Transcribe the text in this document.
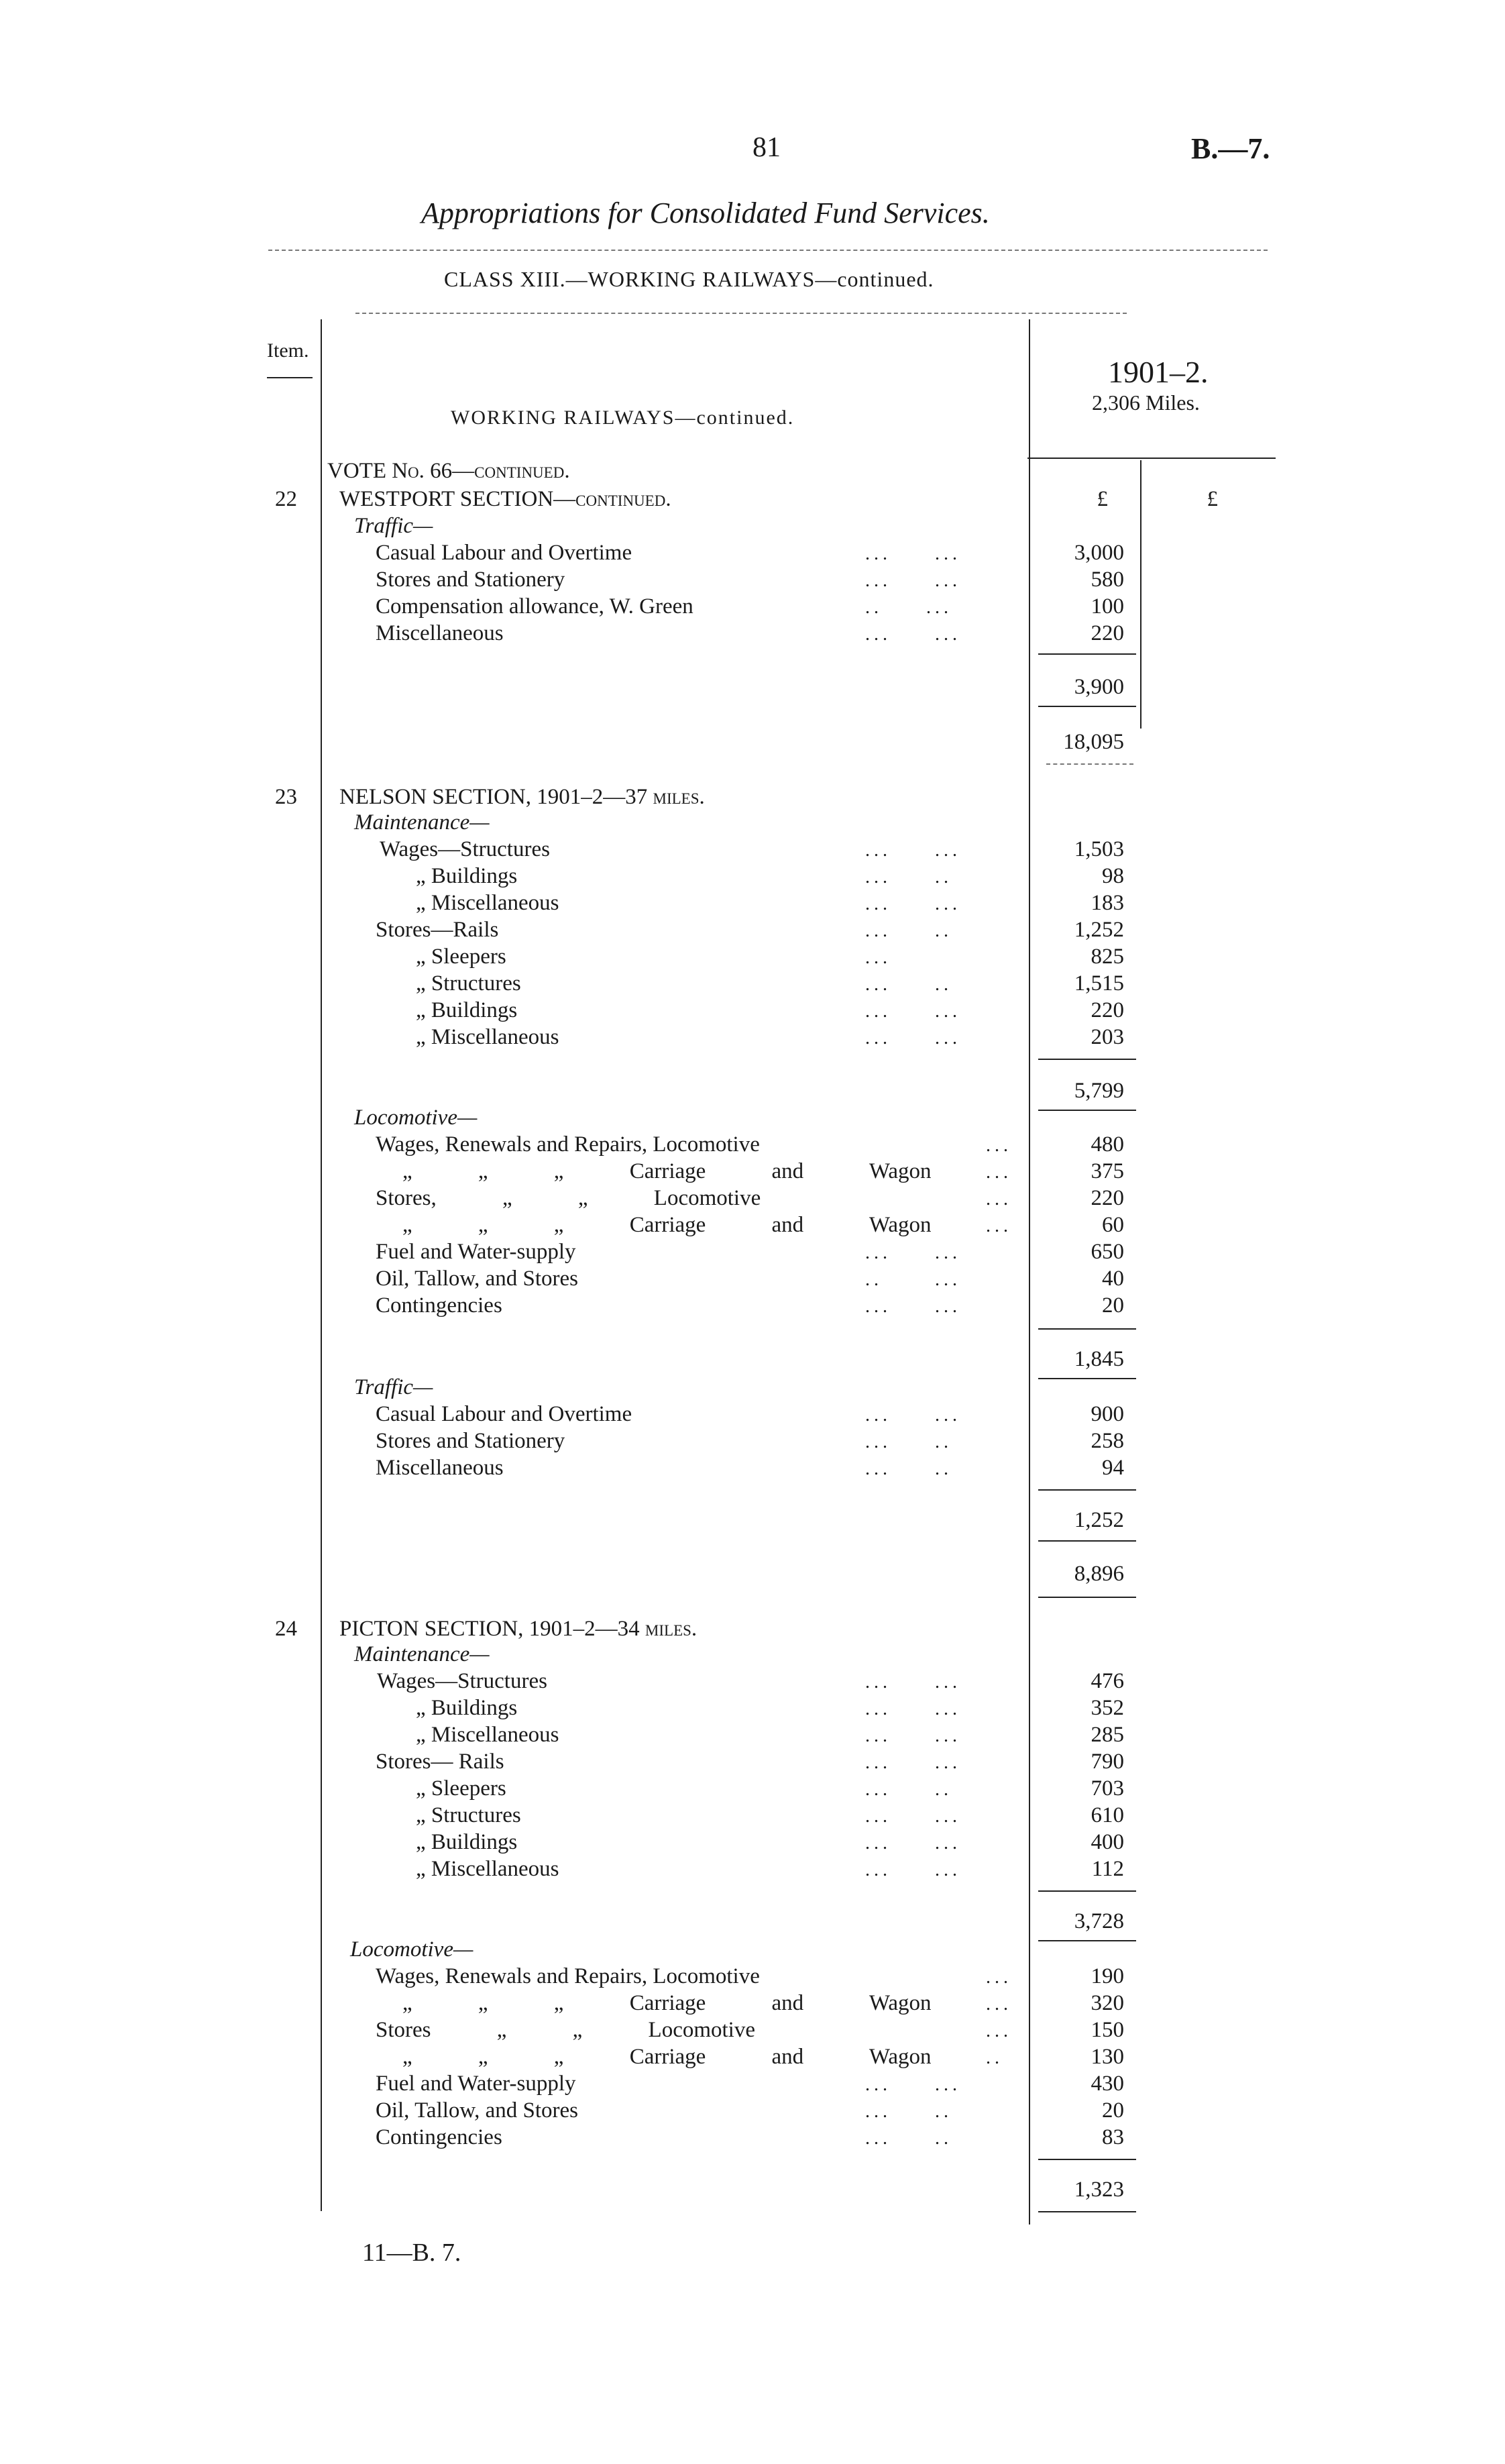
81	B.—7.
Appropriations for Consolidated Fund Services.
CLASS XIII.—WORKING RAILWAYS—continued.
Item.
WORKING RAILWAYS—continued.
1901–2.
2,306 Miles.
£	£
VOTE No. 66—continued.
22 WESTPORT SECTION—continued.
Traffic—
Casual Labour and Overtime	...     ...	3,000
Stores and Stationery	...     ...	580
Compensation allowance, W. Green	..     ...	100
Miscellaneous	...     ...	220
3,900
18,095
23 NELSON SECTION, 1901–2—37 miles.
Maintenance—
Wages—Structures	...     ...	1,503
„ Buildings	...     ..	98
„ Miscellaneous	...     ...	183
Stores—Rails	...     ..	1,252
„ Sleepers	...	825
„ Structures	...     ..	1,515
„ Buildings	...     ...	220
„ Miscellaneous	...     ...	203
5,799
Locomotive—
Wages, Renewals and Repairs, Locomotive	...	480
„ „ „ Carriage and Wagon	...	375
Stores, „ „ Locomotive	...	220
„ „ „ Carriage and Wagon	...	60
Fuel and Water-supply	...     ...	650
Oil, Tallow, and Stores	..      ...	40
Contingencies	...     ...	20
1,845
Traffic—
Casual Labour and Overtime	...     ...	900
Stores and Stationery	...     ..	258
Miscellaneous	...     ..	94
1,252
8,896
24 PICTON SECTION, 1901–2—34 miles.
Maintenance—
Wages—Structures	...     ...	476
„ Buildings	...     ...	352
„ Miscellaneous	...     ...	285
Stores— Rails	...     ...	790
„ Sleepers	...     ..	703
„ Structures	...     ...	610
„ Buildings	...     ...	400
„ Miscellaneous	...     ...	112
3,728
Locomotive—
Wages, Renewals and Repairs, Locomotive	...	190
„ „ „ Carriage and Wagon	...	320
Stores „ „ Locomotive	...	150
„ „ „ Carriage and Wagon	..	130
Fuel and Water-supply	...     ...	430
Oil, Tallow, and Stores	...     ..	20
Contingencies	...     ..	83
1,323
11—B. 7.
